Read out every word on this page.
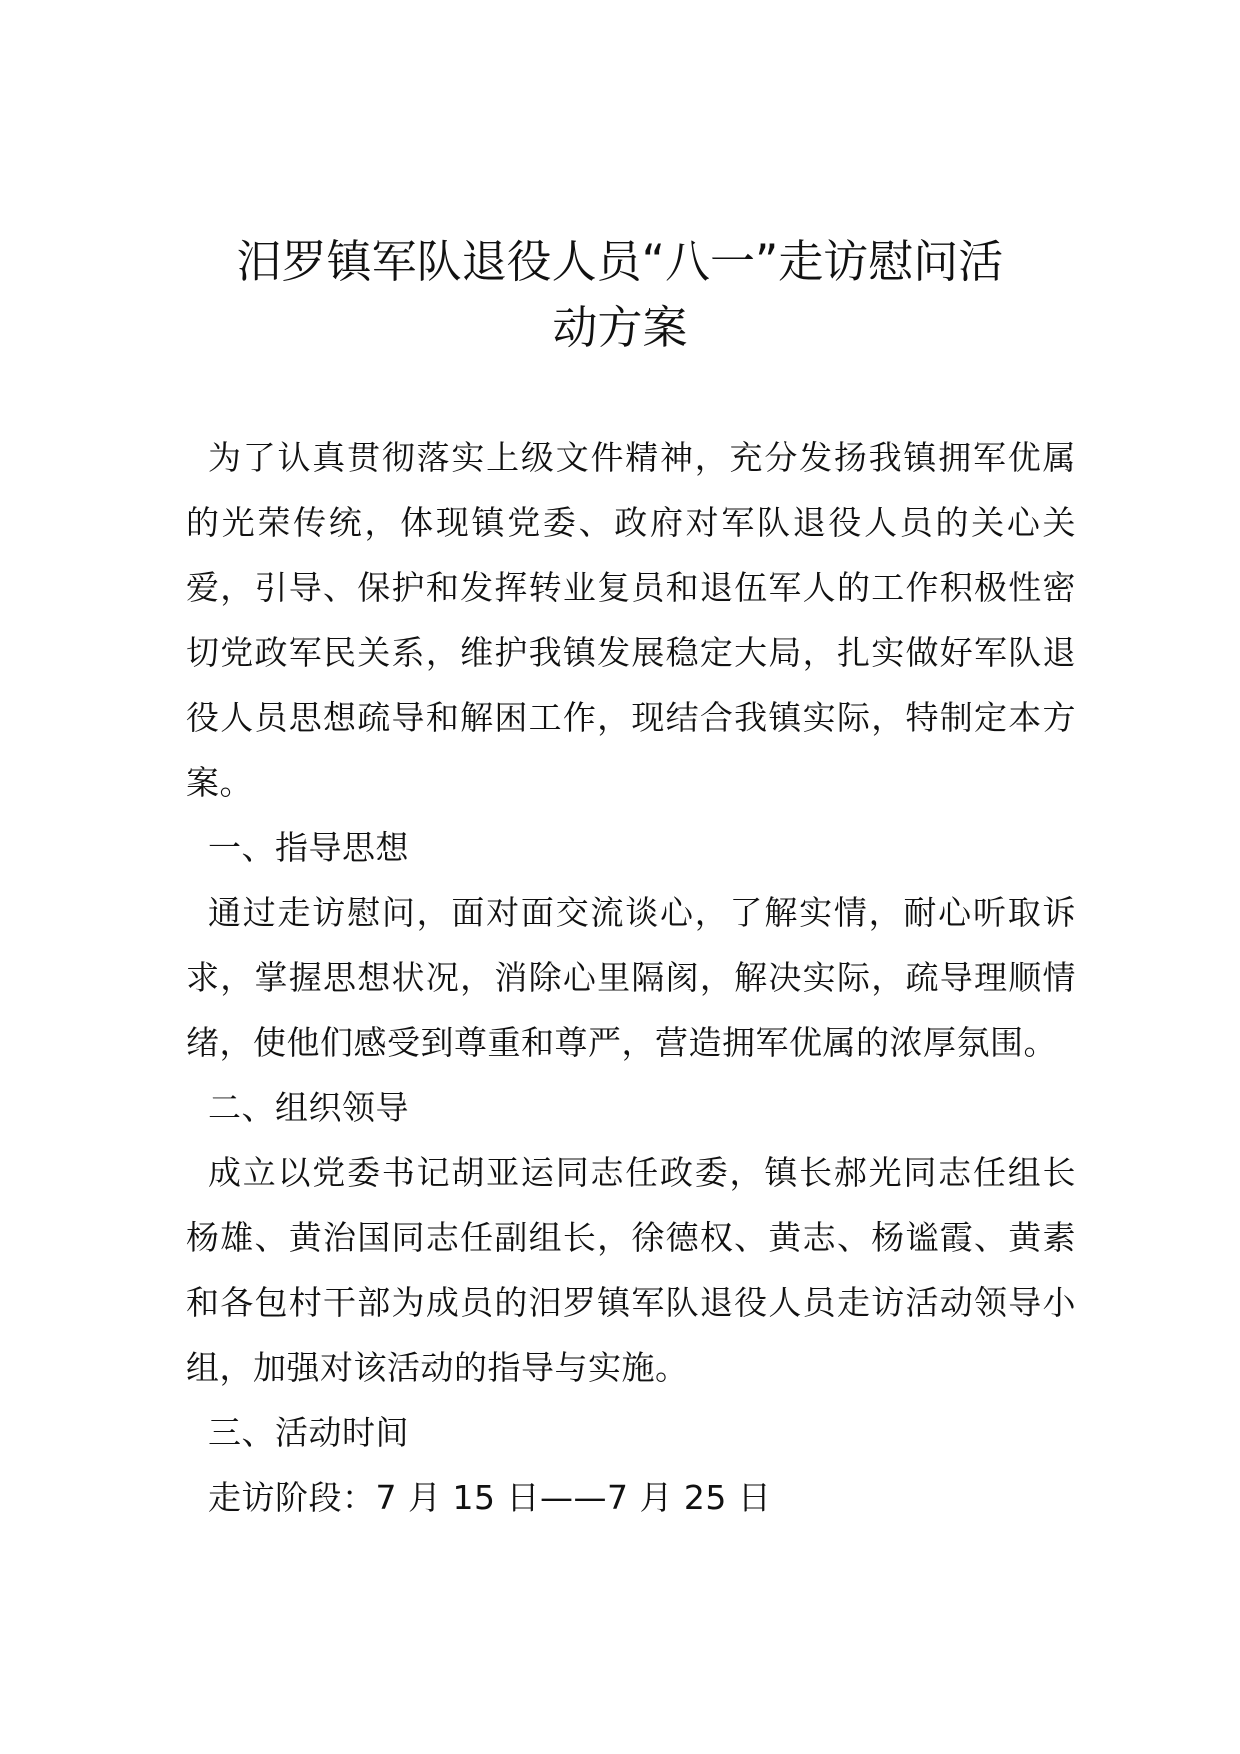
汨罗镇军队退役人员“八一”走访慰问活
动方案

为了认真贯彻落实上级文件精神，充分发扬我镇拥军优属的光荣传统，体现镇党委、政府对军队退役人员的关心关爱，引导、保护和发挥转业复员和退伍军人的工作积极性密切党政军民关系，维护我镇发展稳定大局，扎实做好军队退役人员思想疏导和解困工作，现结合我镇实际，特制定本方案。

一、指导思想

通过走访慰问，面对面交流谈心，了解实情，耐心听取诉求，掌握思想状况，消除心里隔阂，解决实际，疏导理顺情绪，使他们感受到尊重和尊严，营造拥军优属的浓厚氛围。

二、组织领导

成立以党委书记胡亚运同志任政委，镇长郝光同志任组长杨雄、黄治国同志任副组长，徐德权、黄志、杨谧霞、黄素和各包村干部为成员的汨罗镇军队退役人员走访活动领导小组，加强对该活动的指导与实施。

三、活动时间

走访阶段：7 月 15 日——7 月 25 日
